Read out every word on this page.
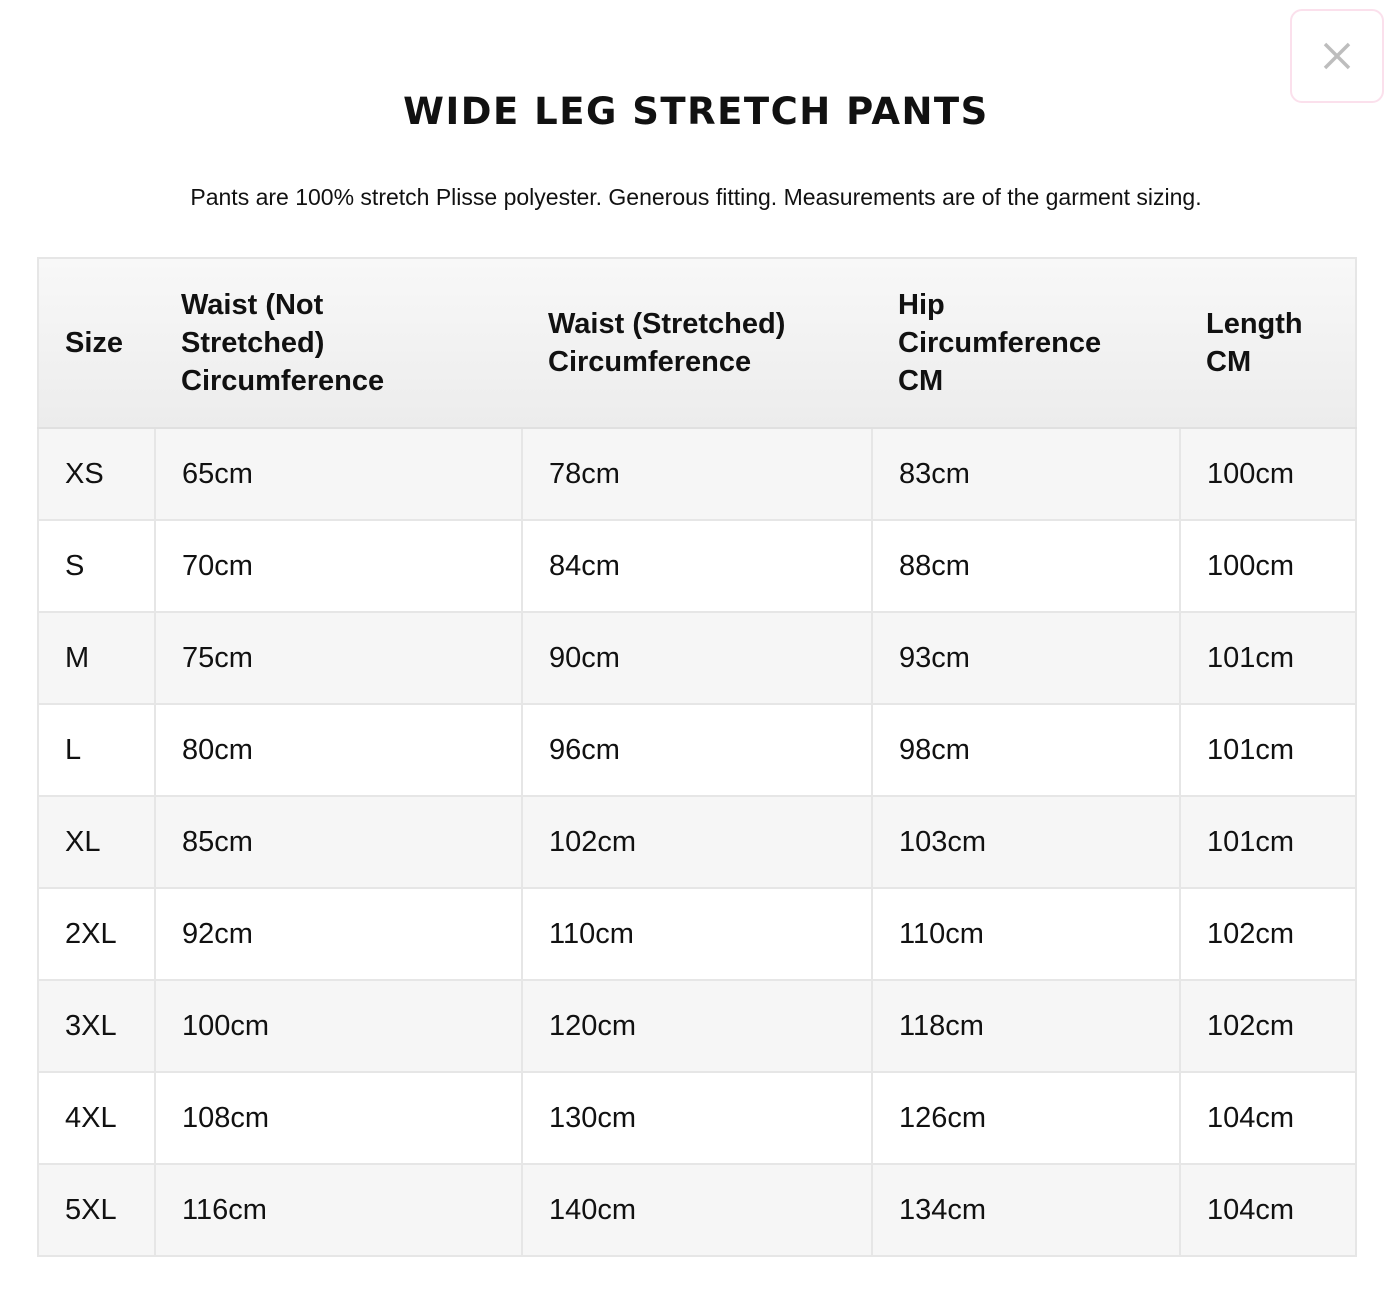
WIDE LEG STRETCH PANTS
Pants are 100% stretch Plisse polyester. Generous fitting. Measurements are of the garment sizing.
Size	Waist (Not Stretched) Circumference	Waist (Stretched) Circumference	Hip Circumference CM	Length CM
XS	65cm	78cm	83cm	100cm
S	70cm	84cm	88cm	100cm
M	75cm	90cm	93cm	101cm
L	80cm	96cm	98cm	101cm
XL	85cm	102cm	103cm	101cm
2XL	92cm	110cm	110cm	102cm
3XL	100cm	120cm	118cm	102cm
4XL	108cm	130cm	126cm	104cm
5XL	116cm	140cm	134cm	104cm
